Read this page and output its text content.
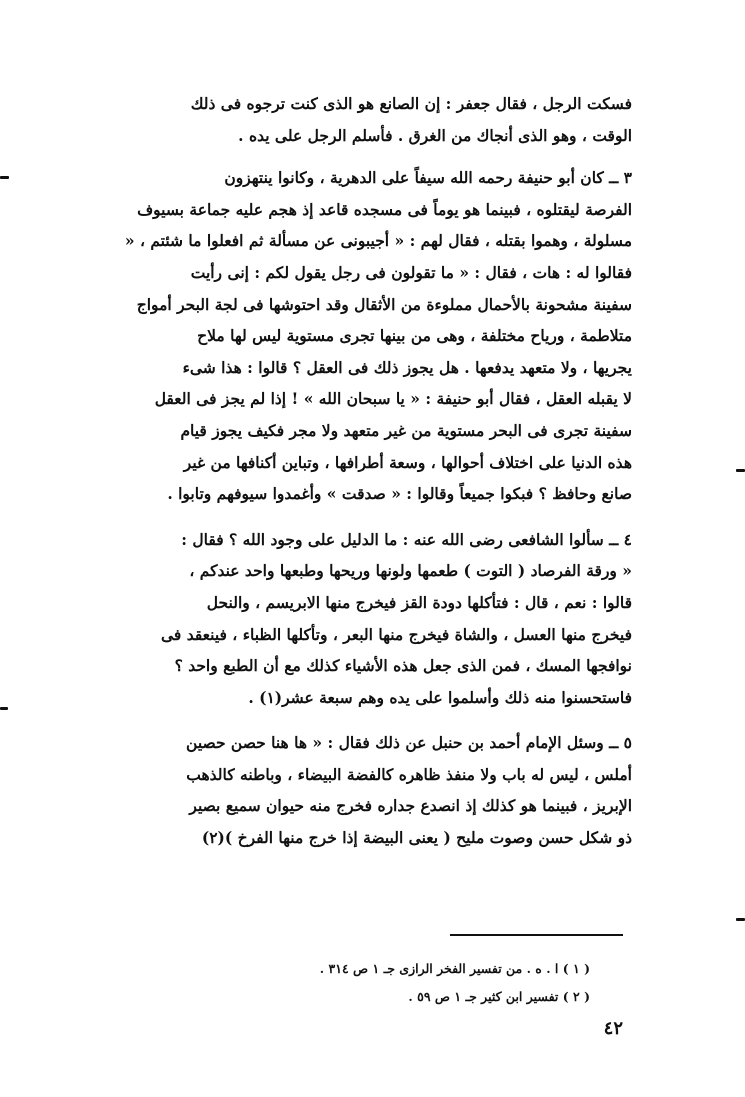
فسكت الرجل ، فقال جعفر : إن الصانع هو الذى كنت ترجوه فى ذلك
الوقت ، وهو الذى أنجاك من الغرق . فأسلم الرجل على يده .

٣ ــ كان أبو حنيفة رحمه الله سيفاً على الدهرية ، وكانوا ينتهزون
الفرصة ليقتلوه ، فبينما هو يوماً فى مسجده قاعد إذ هجم عليه جماعة بسيوف
مسلولة ، وهموا بقتله ، فقال لهم : « أجيبونى عن مسألة ثم افعلوا ما شئتم ، «
فقالوا له : هات ، فقال : « ما تقولون فى رجل يقول لكم : إنى رأيت
سفينة مشحونة بالأحمال مملوءة من الأثقال وقد احتوشها فى لجة البحر أمواج
متلاطمة ، ورياح مختلفة ، وهى من بينها تجرى مستوية ليس لها ملاح
يجريها ، ولا متعهد يدفعها . هل يجوز ذلك فى العقل ؟ قالوا : هذا شىء
لا يقبله العقل ، فقال أبو حنيفة : « يا سبحان الله » ! إذا لم يجز فى العقل
سفينة تجرى فى البحر مستوية من غير متعهد ولا مجر فكيف يجوز قيام
هذه الدنيا على اختلاف أحوالها ، وسعة أطرافها ، وتباين أكنافها من غير
صانع وحافظ ؟ فبكوا جميعاً وقالوا : « صدقت » وأغمدوا سيوفهم وتابوا .

٤ ــ سألوا الشافعى رضى الله عنه : ما الدليل على وجود الله ؟ فقال :
« ورقة الفرصاد ( التوت ) طعمها ولونها وريحها وطبعها واحد عندكم ،
قالوا : نعم ، قال : فتأكلها دودة القز فيخرج منها الابريسم ، والنحل
فيخرج منها العسل ، والشاة فيخرج منها البعر ، وتأكلها الظباء ، فينعقد فى
نوافجها المسك ، فمن الذى جعل هذه الأشياء كذلك مع أن الطبع واحد ؟
فاستحسنوا منه ذلك وأسلموا على يده وهم سبعة عشر(١) .

٥ ــ وسئل الإمام أحمد بن حنبل عن ذلك فقال : « ها هنا حصن حصين
أملس ، ليس له باب ولا منفذ ظاهره كالفضة البيضاء ، وباطنه كالذهب
الإبريز ، فبينما هو كذلك إذ انصدع جداره فخرج منه حيوان سميع بصير
ذو شكل حسن وصوت مليح ( يعنى البيضة إذا خرج منها الفرخ )(٢)

( ١ ) ا . ه . من تفسير الفخر الرازى جـ ١ ص ٣١٤ .
( ٢ ) تفسير ابن كثير جـ ١ ص ٥٩ .
٤٢
